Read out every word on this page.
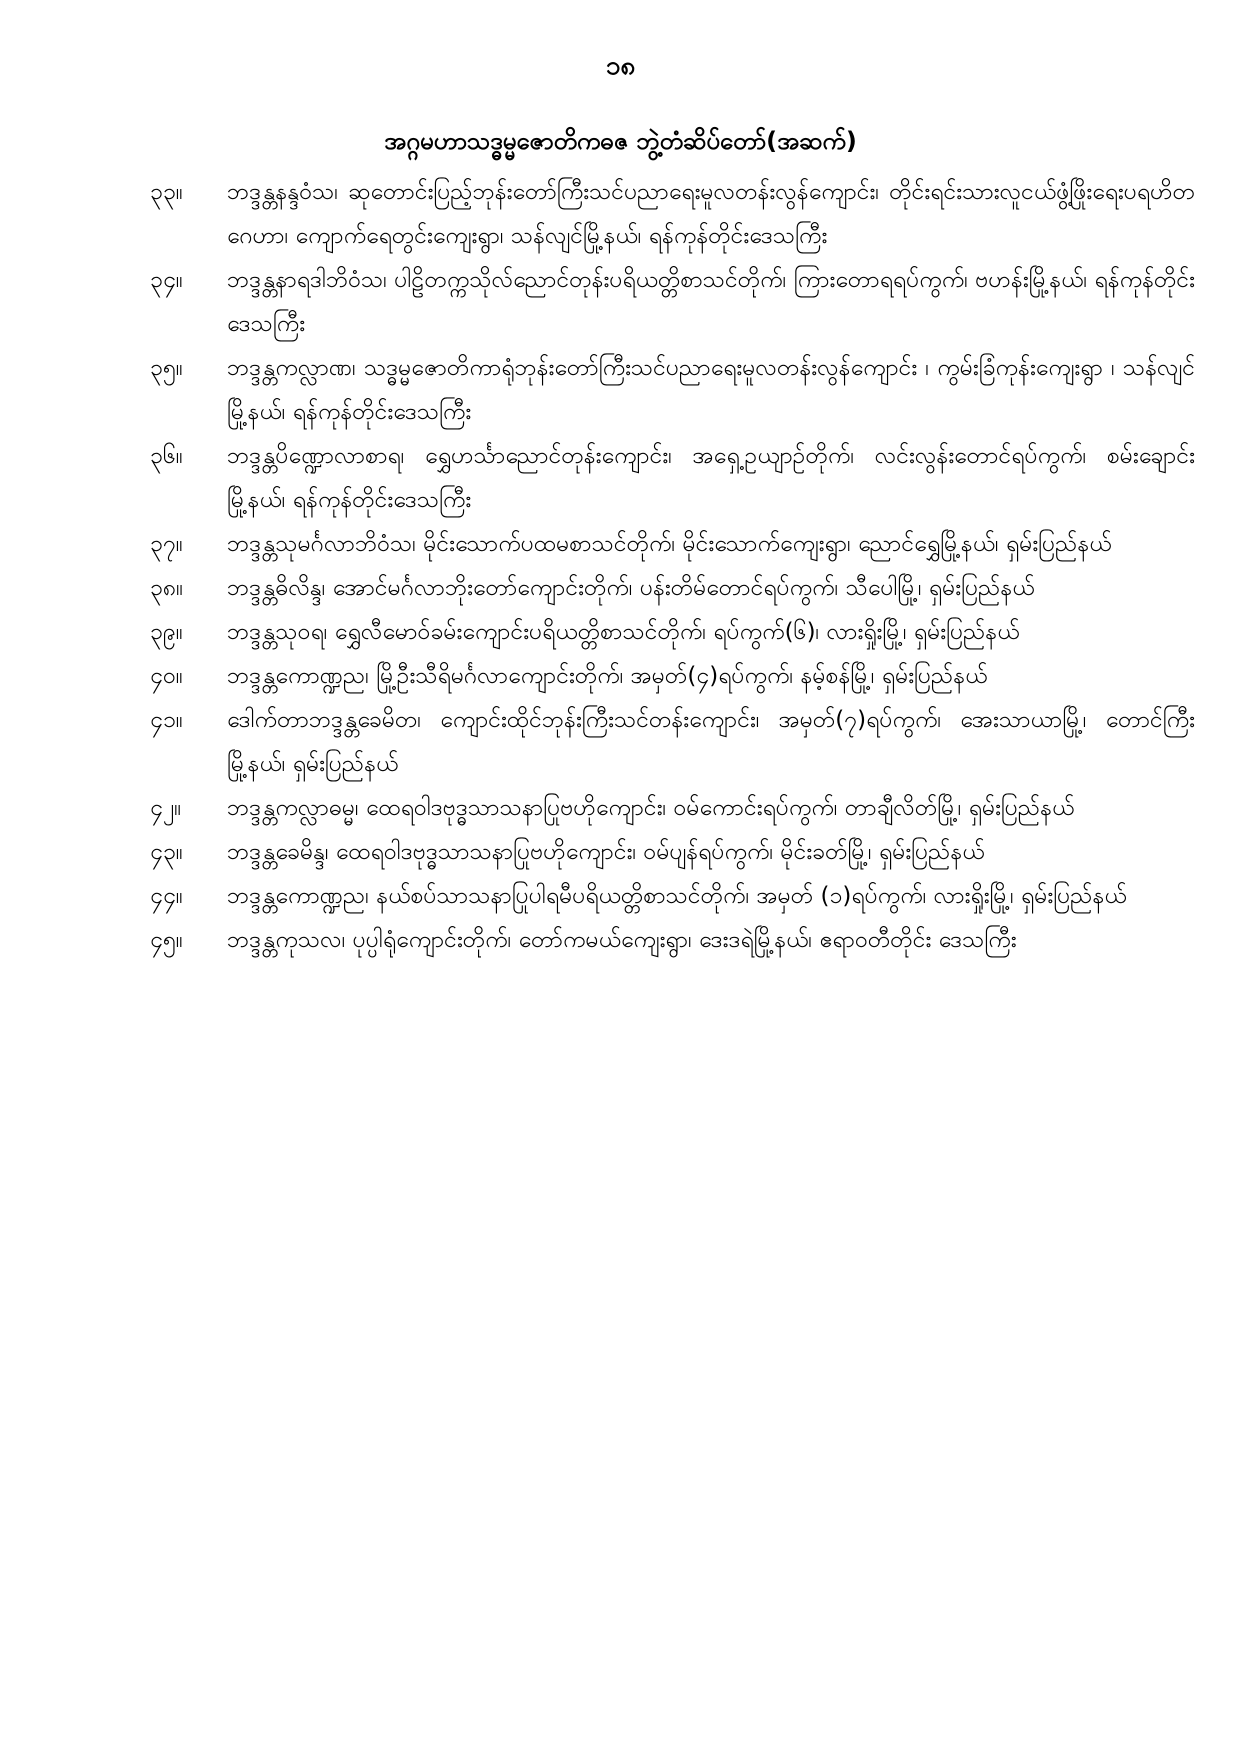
၁၈
အဂ္ဂမဟာသဒ္ဓမ္မဇောတိကဓဇ ဘွဲ့တံဆိပ်တော်(အဆက်)
၃၃။	ဘဒ္ဒန္တနန္ဒဝံသ၊ ဆုတောင်းပြည့်ဘုန်းတော်ကြီးသင်ပညာရေးမူလတန်းလွန်ကျောင်း၊ တိုင်းရင်းသားလူငယ်ဖွံ့ဖြိုးရေးပရဟိတဂေဟာ၊ ကျောက်ရေတွင်းကျေးရွာ၊ သန်လျင်မြို့နယ်၊ ရန်ကုန်တိုင်းဒေသကြီး
၃၄။	ဘဒ္ဒန္တနာရဒါဘိဝံသ၊ ပါဠိတက္ကသိုလ်ညောင်တုန်းပရိယတ္တိစာသင်တိုက်၊ ကြားတောရရပ်ကွက်၊ ဗဟန်းမြို့နယ်၊ ရန်ကုန်တိုင်းဒေသကြီး
၃၅။	ဘဒ္ဒန္တကလ္လာဏ၊ သဒ္ဓမ္မဇောတိကာရုံဘုန်းတော်ကြီးသင်ပညာရေးမူလတန်းလွန်ကျောင်း ၊ ကွမ်းခြံကုန်းကျေးရွာ ၊ သန်လျင်မြို့နယ်၊ ရန်ကုန်တိုင်းဒေသကြီး
၃၆။	ဘဒ္ဒန္တပိဏ္ဍောလာစာရ၊ ရွှေဟင်္သာညောင်တုန်းကျောင်း၊ အရှေ့ဥယျာဉ်တိုက်၊ လင်းလွန်းတောင်ရပ်ကွက်၊ စမ်းချောင်းမြို့နယ်၊ ရန်ကုန်တိုင်းဒေသကြီး
၃၇။	ဘဒ္ဒန္တသုမင်္ဂလာဘိဝံသ၊ မိုင်းသောက်ပထမစာသင်တိုက်၊ မိုင်းသောက်ကျေးရွာ၊ ညောင်ရွှေမြို့နယ်၊ ရှမ်းပြည်နယ်
၃၈။	ဘဒ္ဒန္တဓိလိန္ဒ၊ အောင်မင်္ဂလာဘိုးတော်ကျောင်းတိုက်၊ ပန်းတိမ်တောင်ရပ်ကွက်၊ သီပေါမြို့၊ ရှမ်းပြည်နယ်
၃၉။	ဘဒ္ဒန္တသုဝရ၊ ရွှေလီမောဝ်ခမ်းကျောင်းပရိယတ္တိစာသင်တိုက်၊ ရပ်ကွက်(၆)၊ လားရှိုးမြို့၊ ရှမ်းပြည်နယ်
၄၀။	ဘဒ္ဒန္တကောဏ္ဍည၊ မြို့ဦးသီရိမင်္ဂလာကျောင်းတိုက်၊ အမှတ်(၄)ရပ်ကွက်၊ နမ့်စန်မြို့၊ ရှမ်းပြည်နယ်
၄၁။	ဒေါက်တာဘဒ္ဒန္တခေမိတ၊ ကျောင်းထိုင်ဘုန်းကြီးသင်တန်းကျောင်း၊ အမှတ်(၇)ရပ်ကွက်၊ အေးသာယာမြို့၊ တောင်ကြီးမြို့နယ်၊ ရှမ်းပြည်နယ်
၄၂။	ဘဒ္ဒန္တကလ္လာဓမ္မ၊ ထေရဝါဒဗုဒ္ဓသာသနာပြုဗဟိုကျောင်း၊ ဝမ်ကောင်းရပ်ကွက်၊ တာချီလိတ်မြို့၊ ရှမ်းပြည်နယ်
၄၃။	ဘဒ္ဒန္တခေမိန္ဒ၊ ထေရဝါဒဗုဒ္ဓသာသနာပြုဗဟိုကျောင်း၊ ဝမ်ပျန်ရပ်ကွက်၊ မိုင်းခတ်မြို့၊ ရှမ်းပြည်နယ်
၄၄။	ဘဒ္ဒန္တကောဏ္ဍည၊ နယ်စပ်သာသနာပြုပါရမီပရိယတ္တိစာသင်တိုက်၊ အမှတ် (၁)ရပ်ကွက်၊ လားရှိုးမြို့၊ ရှမ်းပြည်နယ်
၄၅။	ဘဒ္ဒန္တကုသလ၊ ပုပ္ပါရုံကျောင်းတိုက်၊ တော်ကမယ်ကျေးရွာ၊ ဒေးဒရဲမြို့နယ်၊ ဧရာဝတီတိုင်း ဒေသကြီး
